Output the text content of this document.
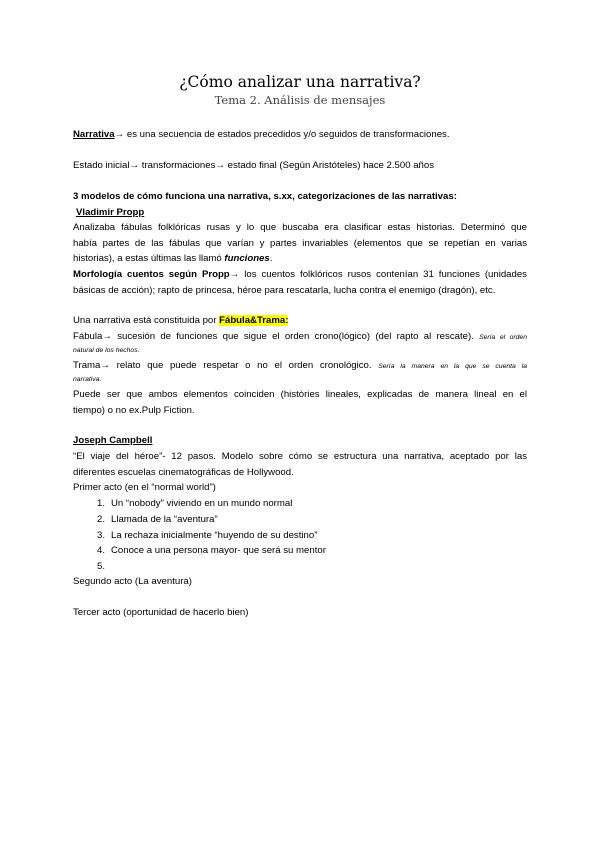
¿Cómo analizar una narrativa?
Tema 2. Análisis de mensajes
Narrativa→ es una secuencia de estados precedidos y/o seguidos de transformaciones.
Estado inicial→ transformaciones→ estado final (Según Aristóteles) hace 2.500 años
3 modelos de cómo funciona una narrativa, s.xx, categorizaciones de las narrativas:
Vladimir Propp
Analizaba fábulas folklóricas rusas y lo que buscaba era clasificar estas historias. Determinó que
había partes de las fábulas que varían y partes invariables (elementos que se repetían en varias
historias), a estas últimas las llamó funciones.
Morfología cuentos según Propp→ los cuentos folklóricos rusos contenían 31 funciones (unidades
básicas de acción); rapto de princesa, héroe para rescatarla, lucha contra el enemigo (dragón), etc.
Una narrativa está constituida por Fábula&Trama:
Fábula→ sucesión de funciones que sigue el orden crono(lógico) (del rapto al rescate). Sería el orden
natural de los hechos.
Trama→ relato que puede respetar o no el orden cronológico. Sería la manera en la que se cuenta la
narrativa.
Puede ser que ambos elementos coinciden (històries lineales, explicadas de manera lineal en el
tiempo) o no ex.Pulp Fiction.
Joseph Campbell
“El viaje del héroe”- 12 pasos. Modelo sobre cómo se estructura una narrativa, aceptado por las
diferentes escuelas cinematográficas de Hollywood.
Primer acto (en el “normal world”)
1. Un “nobody” viviendo en un mundo normal
2. Llamada de la “aventura”
3. La rechaza inicialmente “huyendo de su destino”
4. Conoce a una persona mayor- que será su mentor
5.
Segundo acto (La aventura)
Tercer acto (oportunidad de hacerlo bien)
